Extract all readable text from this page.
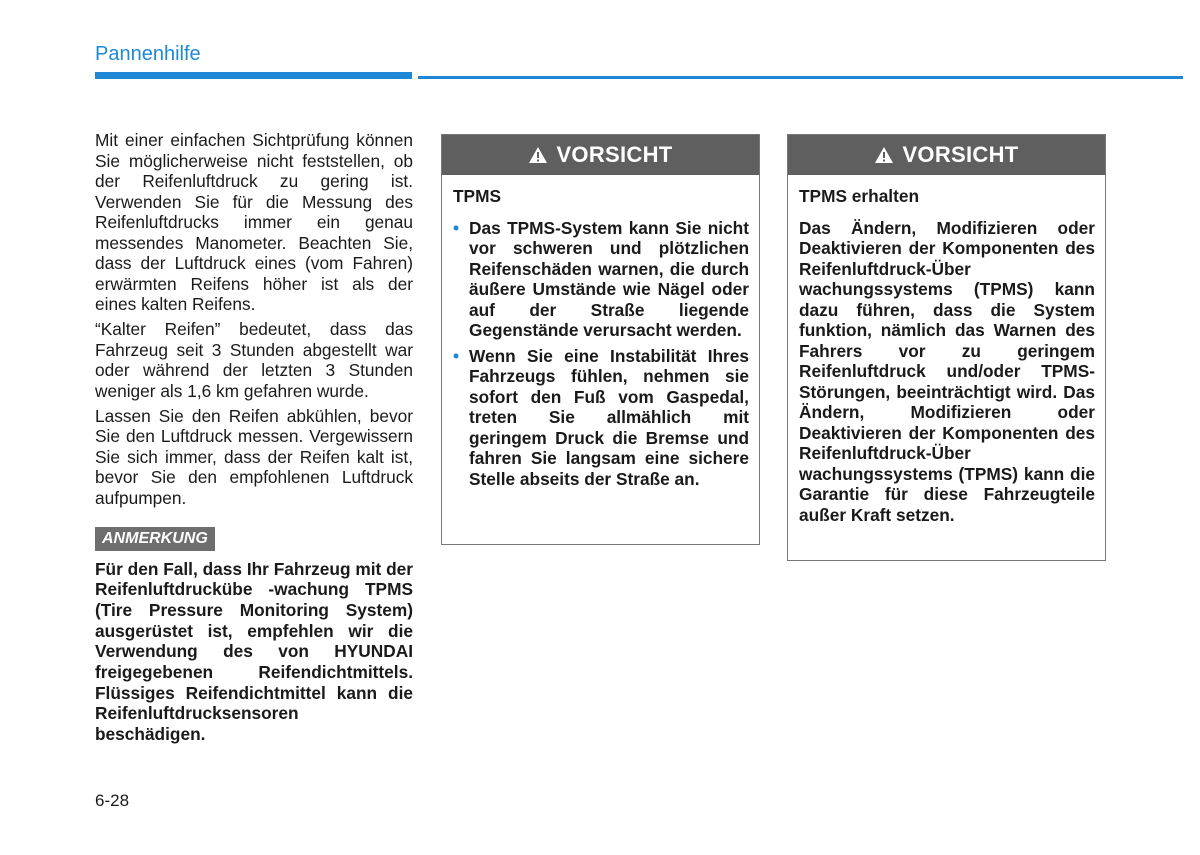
Pannenhilfe

Mit einer einfachen Sichtprüfung können Sie möglicherweise nicht feststellen, ob der Reifenluftdruck zu gering ist. Verwenden Sie für die Messung des Reifenluftdrucks immer ein genau messendes Manometer. Beachten Sie, dass der Luftdruck eines (vom Fahren) erwärmten Reifens höher ist als der eines kalten Reifens.

“Kalter Reifen” bedeutet, dass das Fahrzeug seit 3 Stunden abgestellt war oder während der letzten 3 Stunden weniger als 1,6 km gefahren wurde.

Lassen Sie den Reifen abkühlen, bevor Sie den Luftdruck messen. Vergewissern Sie sich immer, dass der Reifen kalt ist, bevor Sie den empfohlenen Luftdruck aufpumpen.

ANMERKUNG
Für den Fall, dass Ihr Fahrzeug mit der Reifenluftdruckübe -wachung TPMS (Tire Pressure Monitoring System) ausgerüstet ist, empfehlen wir die Verwendung des von HYUNDAI freigegebenen Reifendichtmittels. Flüssiges Reifendichtmittel kann die Reifenluftdrucksensoren beschädigen.
VORSICHT
TPMS
• Das TPMS-System kann Sie nicht vor schweren und plötzlichen Reifenschäden warnen, die durch äußere Umstände wie Nägel oder auf der Straße liegende Gegenstände verursacht werden.
• Wenn Sie eine Instabilität Ihres Fahrzeugs fühlen, nehmen sie sofort den Fuß vom Gaspedal, treten Sie allmählich mit geringem Druck die Bremse und fahren Sie langsam eine sichere Stelle abseits der Straße an.
VORSICHT
TPMS erhalten
Das Ändern, Modifizieren oder Deaktivieren der Komponenten des Reifenluftdruck-Über wachungssystems (TPMS) kann dazu führen, dass die System funktion, nämlich das Warnen des Fahrers vor zu geringem Reifenluftdruck und/oder TPMS-Störungen, beeinträchtigt wird. Das Ändern, Modifizieren oder Deaktivieren der Komponenten des Reifenluftdruck-Über wachungssystems (TPMS) kann die Garantie für diese Fahrzeugteile außer Kraft setzen.
6-28
